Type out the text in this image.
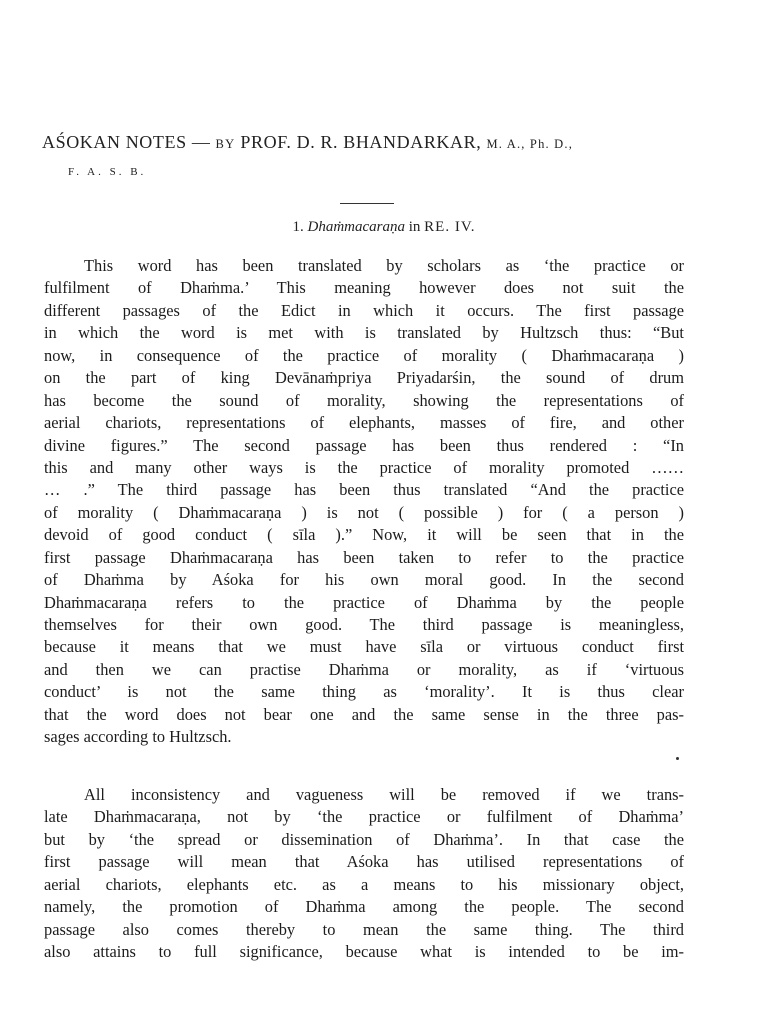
AŚOKAN NOTES — BY PROF. D. R. BHANDARKAR, M. A., Ph. D.,
F. A. S. B.
1. Dhaṁmacaraṇa in RE. IV.
This word has been translated by scholars as ‘the practice or
fulfilment of Dhaṁma.’ This meaning however does not suit the
different passages of the Edict in which it occurs. The first passage
in which the word is met with is translated by Hultzsch thus: “But
now, in consequence of the practice of morality ( Dhaṁmacaraṇa )
on the part of king Devānaṁpriya Priyadarśin, the sound of drum
has become the sound of morality, showing the representations of
aerial chariots, representations of elephants, masses of fire, and other
divine figures.” The second passage has been thus rendered : “In
this and many other ways is the practice of morality promoted ……
… .” The third passage has been thus translated “And the practice
of morality ( Dhaṁmacaraṇa ) is not ( possible ) for ( a person )
devoid of good conduct ( sīla ).” Now, it will be seen that in the
first passage Dhaṁmacaraṇa has been taken to refer to the practice
of Dhaṁma by Aśoka for his own moral good. In the second
Dhaṁmacaraṇa refers to the practice of Dhaṁma by the people
themselves for their own good. The third passage is meaningless,
because it means that we must have sīla or virtuous conduct first
and then we can practise Dhaṁma or morality, as if ‘virtuous
conduct’ is not the same thing as ‘morality’. It is thus clear
that the word does not bear one and the same sense in the three pas-
sages according to Hultzsch.
All inconsistency and vagueness will be removed if we trans-
late Dhaṁmacaraṇa, not by ‘the practice or fulfilment of Dhaṁma’
but by ‘the spread or dissemination of Dhaṁma’. In that case the
first passage will mean that Aśoka has utilised representations of
aerial chariots, elephants etc. as a means to his missionary object,
namely, the promotion of Dhaṁma among the people. The second
passage also comes thereby to mean the same thing. The third
also attains to full significance, because what is intended to be im-
